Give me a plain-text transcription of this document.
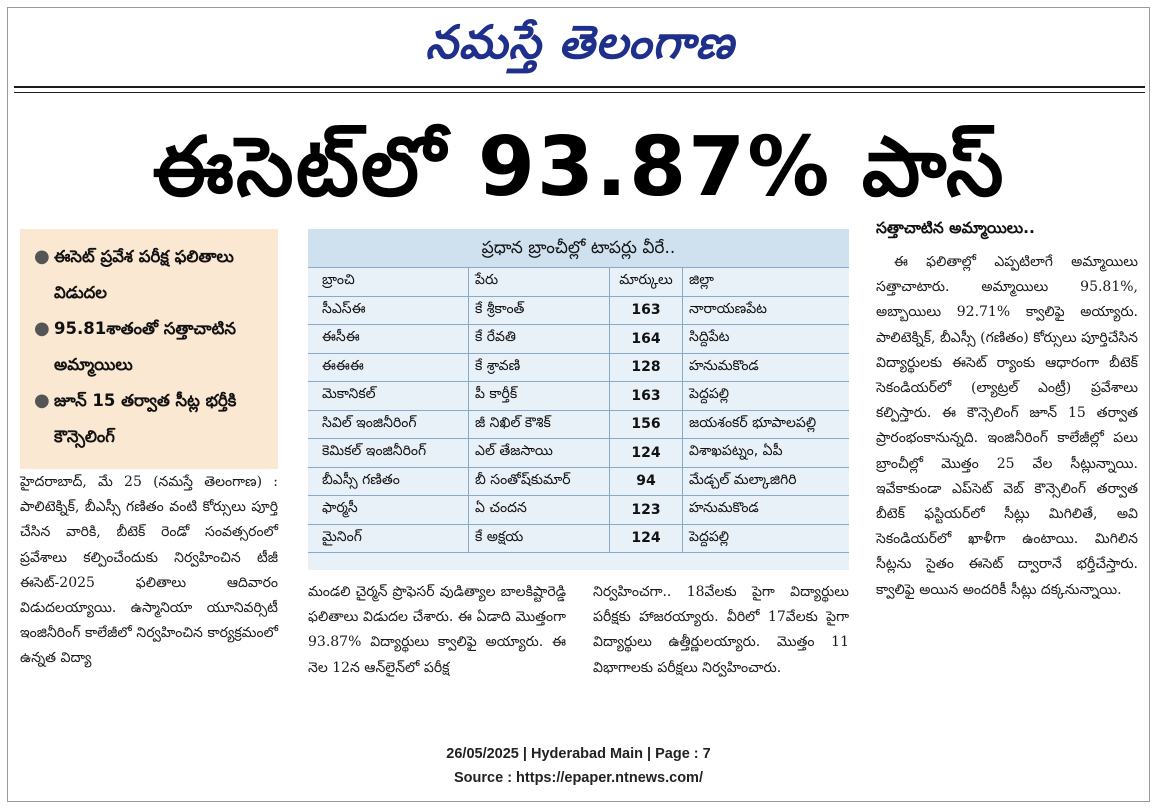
నమస్తే తెలంగాణ
ఈసెట్‌లో 93.87% పాస్‌
● ఈసెట్‌ ప్రవేశ పరీక్ష ఫలితాలు విడుదల
● 95.81శాతంతో సత్తాచాటిన అమ్మాయిలు
● జూన్‌ 15 తర్వాత సీట్ల భర్తీకి కౌన్సెలింగ్‌

హైదరాబాద్‌, మే 25 (నమస్తే తెలంగాణ) : పాలిటెక్నిక్‌, బీఎస్సీ గణితం వంటి కోర్సులు పూర్తి చేసిన వారికి, బీటెక్‌ రెండో సంవత్సరంలో ప్రవేశాలు కల్పించేందుకు నిర్వహించిన టీజీ ఈసెట్‌-2025 ఫలితాలు ఆదివారం విడుదలయ్యాయి. ఉస్మానియా యూనివర్సిటీ ఇంజినీరింగ్‌ కాలేజీలో నిర్వహించిన కార్యక్రమంలో ఉన్నత విద్యా

ప్రధాన బ్రాంచీల్లో టాపర్లు వీరే..
బ్రాంచి	పేరు	మార్కులు	జిల్లా
సీఎస్‌ఈ	కే శ్రీకాంత్‌	163	నారాయణపేట
ఈసీఈ	కే రేవతి	164	సిద్దిపేట
ఈఈఈ	కే శ్రావణి	128	హనుమకొండ
మెకానికల్‌	పీ కార్తీక్‌	163	పెద్దపల్లి
సివిల్‌ ఇంజినీరింగ్‌	జీ నిఖిల్‌ కౌశిక్‌	156	జయశంకర్‌ భూపాలపల్లి
కెమికల్‌ ఇంజినీరింగ్‌	ఎల్‌ తేజసాయి	124	విశాఖపట్నం, ఏపీ
బీఎస్సీ గణితం	బీ సంతోష్‌కుమార్‌	94	మేడ్చల్‌ మల్కాజిగిరి
ఫార్మసీ	ఏ చందన	123	హనుమకొండ
మైనింగ్‌	కే అక్షయ	124	పెద్దపల్లి

మండలి చైర్మన్‌ ప్రొఫెసర్‌ వుడిత్యాల బాలకిష్టారెడ్డి ఫలితాలు విడుదల చేశారు. ఈ ఏడాది మొత్తంగా 93.87% విద్యార్థులు క్వాలిఫై అయ్యారు. ఈ నెల 12న ఆన్‌లైన్‌లో పరీక్ష

నిర్వహించగా.. 18వేలకు పైగా విద్యార్థులు పరీక్షకు హాజరయ్యారు. వీరిలో 17వేలకు పైగా విద్యార్థులు ఉత్తీర్ణులయ్యారు. మొత్తం 11 విభాగాలకు పరీక్షలు నిర్వహించారు.

సత్తాచాటిన అమ్మాయిలు..

ఈ ఫలితాల్లో ఎప్పటిలాగే అమ్మాయిలు సత్తాచాటారు. అమ్మాయిలు 95.81%, అబ్బాయిలు 92.71% క్వాలిఫై అయ్యారు. పాలిటెక్నిక్‌, బీఎస్సీ (గణితం) కోర్సులు పూర్తిచేసిన విద్యార్థులకు ఈసెట్‌ ర్యాంకు ఆధారంగా బీటెక్‌ సెకండియర్‌లో (ల్యాట్రల్‌ ఎంట్రీ) ప్రవేశాలు కల్పిస్తారు. ఈ కౌన్సెలింగ్‌ జూన్‌ 15 తర్వాత ప్రారంభంకానున్నది. ఇంజినీరింగ్‌ కాలేజీల్లో పలు బ్రాంచీల్లో మొత్తం 25 వేల సీట్లున్నాయి. ఇవేకాకుండా ఎప్‌సెట్‌ వెబ్‌ కౌన్సెలింగ్‌ తర్వాత బీటెక్‌ ఫస్టియర్‌లో సీట్లు మిగిలితే, అవి సెకండియర్‌లో ఖాళీగా ఉంటాయి. మిగిలిన సీట్లను సైతం ఈసెట్‌ ద్వారానే భర్తీచేస్తారు. క్వాలిఫై అయిన అందరికీ సీట్లు దక్కనున్నాయి.

26/05/2025 | Hyderabad Main | Page : 7
Source : https://epaper.ntnews.com/
